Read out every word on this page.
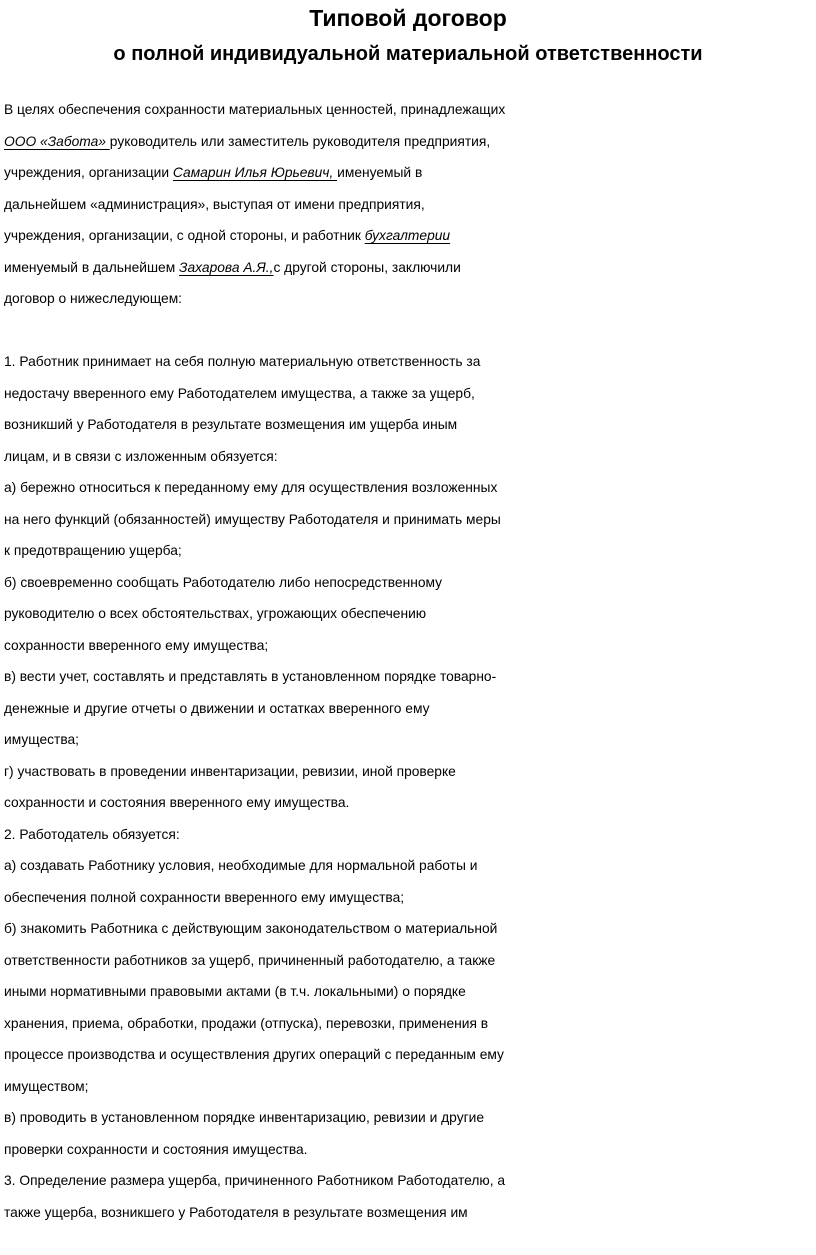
Типовой договор
о полной индивидуальной материальной ответственности
В целях обеспечения сохранности материальных ценностей, принадлежащих
ООО «Забота» руководитель или заместитель руководителя предприятия,
учреждения, организации Самарин Илья Юрьевич, именуемый в
дальнейшем «администрация», выступая от имени предприятия,
учреждения, организации, с одной стороны, и работник бухгалтерии
именуемый в дальнейшем Захарова А.Я.,с другой стороны, заключили
договор о нижеследующем:
1. Работник принимает на себя полную материальную ответственность за
недостачу вверенного ему Работодателем имущества, а также за ущерб,
возникший у Работодателя в результате возмещения им ущерба иным
лицам, и в связи с изложенным обязуется:
а) бережно относиться к переданному ему для осуществления возложенных
на него функций (обязанностей) имуществу Работодателя и принимать меры
к предотвращению ущерба;
б) своевременно сообщать Работодателю либо непосредственному
руководителю о всех обстоятельствах, угрожающих обеспечению
сохранности вверенного ему имущества;
в) вести учет, составлять и представлять в установленном порядке товарно-
денежные и другие отчеты о движении и остатках вверенного ему
имущества;
г) участвовать в проведении инвентаризации, ревизии, иной проверке
сохранности и состояния вверенного ему имущества.
2. Работодатель обязуется:
а) создавать Работнику условия, необходимые для нормальной работы и
обеспечения полной сохранности вверенного ему имущества;
б) знакомить Работника с действующим законодательством о материальной
ответственности работников за ущерб, причиненный работодателю, а также
иными нормативными правовыми актами (в т.ч. локальными) о порядке
хранения, приема, обработки, продажи (отпуска), перевозки, применения в
процессе производства и осуществления других операций с переданным ему
имуществом;
в) проводить в установленном порядке инвентаризацию, ревизии и другие
проверки сохранности и состояния имущества.
3. Определение размера ущерба, причиненного Работником Работодателю, а
также ущерба, возникшего у Работодателя в результате возмещения им
